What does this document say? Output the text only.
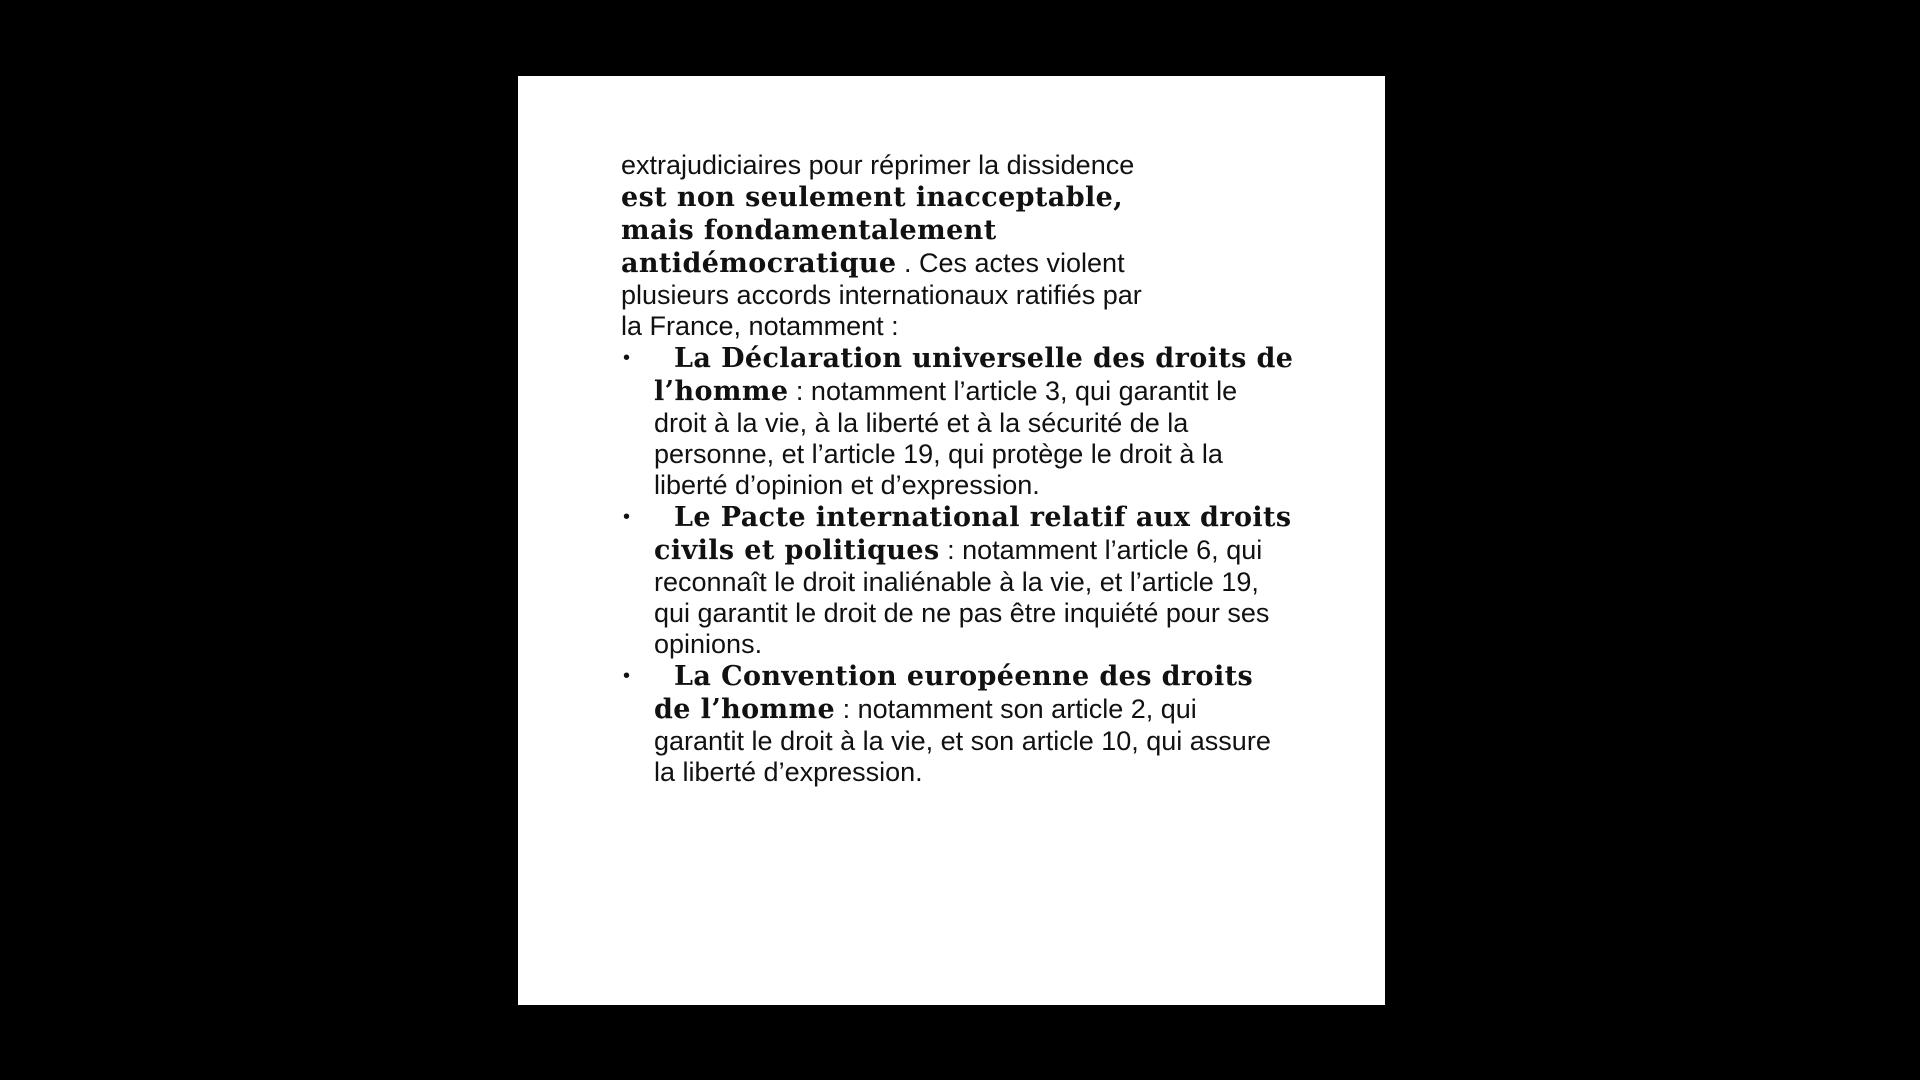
extrajudiciaires pour réprimer la dissidence est non seulement inacceptable, mais fondamentalement antidémocratique . Ces actes violent plusieurs accords internationaux ratifiés par la France, notamment :

• La Déclaration universelle des droits de l’homme : notamment l’article 3, qui garantit le droit à la vie, à la liberté et à la sécurité de la personne, et l’article 19, qui protège le droit à la liberté d’opinion et d’expression.
• Le Pacte international relatif aux droits civils et politiques : notamment l’article 6, qui reconnaît le droit inaliénable à la vie, et l’article 19, qui garantit le droit de ne pas être inquiété pour ses opinions.
• La Convention européenne des droits de l’homme : notamment son article 2, qui garantit le droit à la vie, et son article 10, qui assure la liberté d’expression.
